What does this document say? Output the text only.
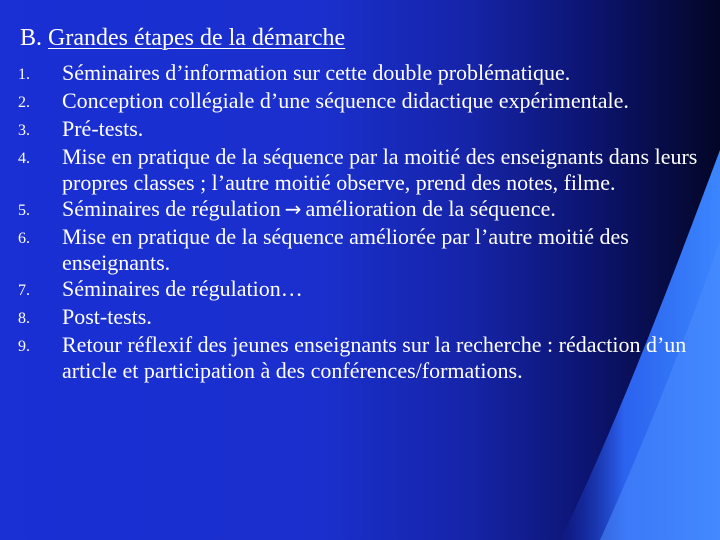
B. Grandes étapes de la démarche
1.	Séminaires d’information sur cette double problématique.
2.	Conception collégiale d’une séquence didactique expérimentale.
3.	Pré-tests.
4.	Mise en pratique de la séquence par la moitié des enseignants dans leurs propres classes ; l’autre moitié observe, prend des notes, filme.
5.	Séminaires de régulation → amélioration de la séquence.
6.	Mise en pratique de la séquence améliorée par l’autre moitié des enseignants.
7.	Séminaires de régulation…
8.	Post-tests.
9.	Retour réflexif des jeunes enseignants sur la recherche : rédaction d’un article et participation à des conférences/formations.
